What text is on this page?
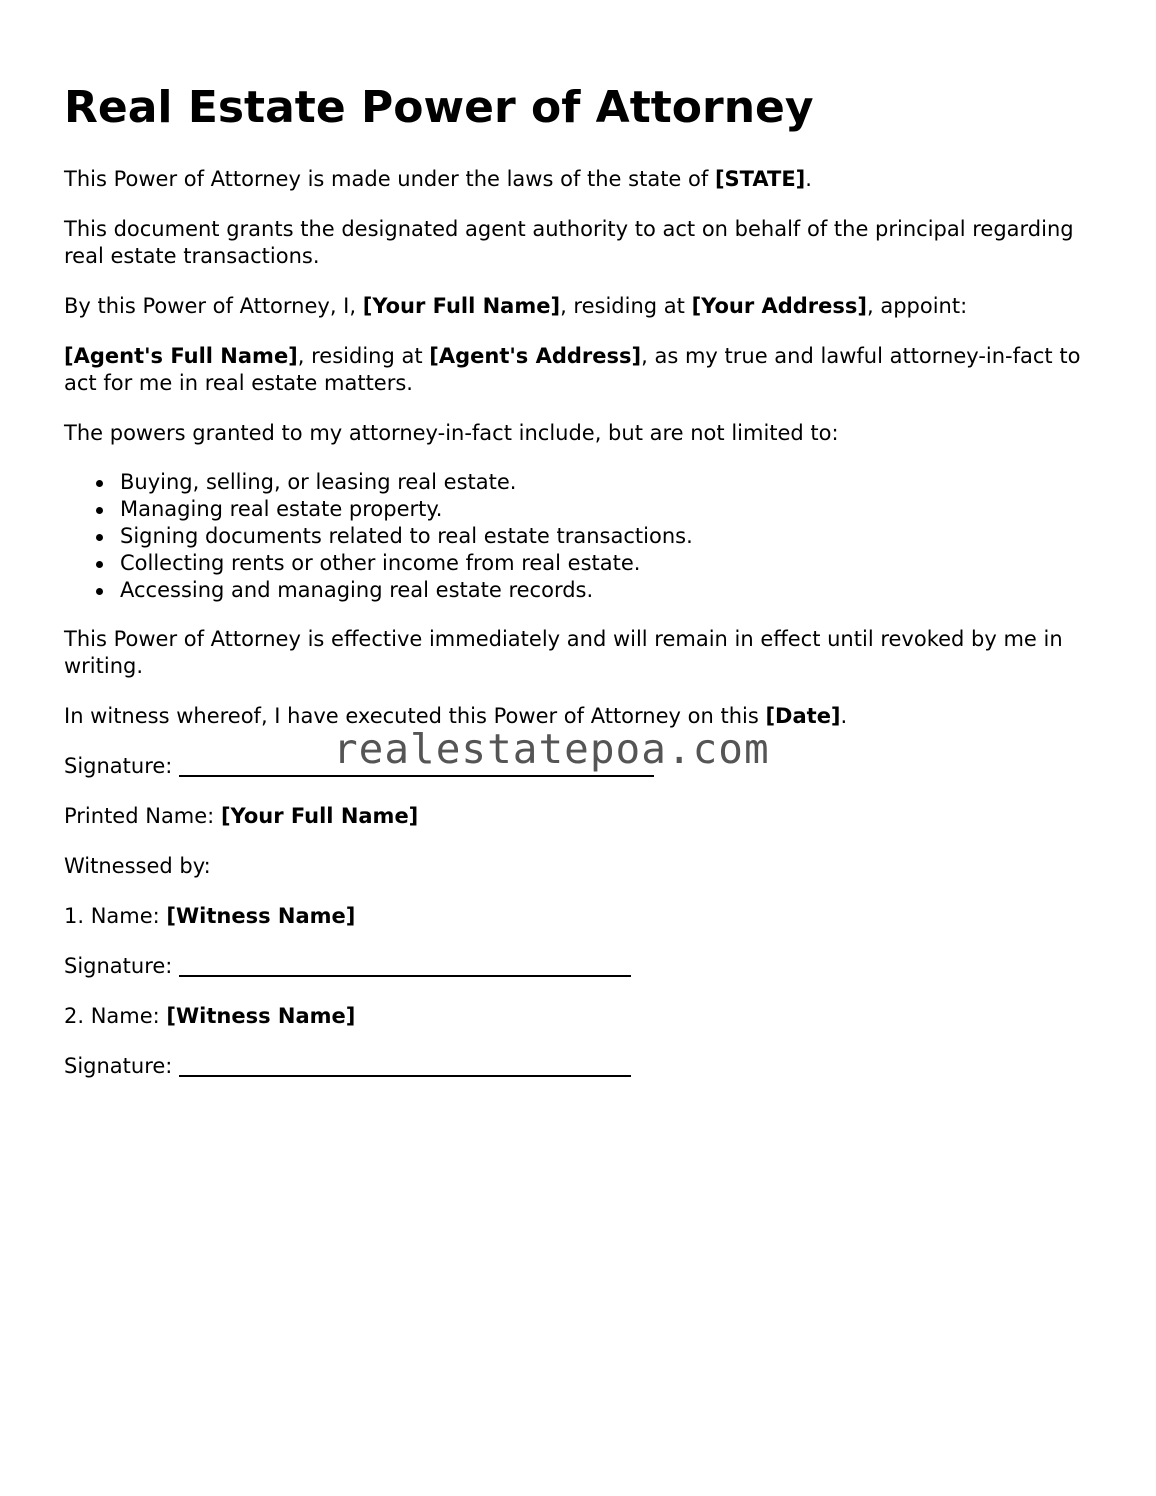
Real Estate Power of Attorney

This Power of Attorney is made under the laws of the state of [STATE].

This document grants the designated agent authority to act on behalf of the principal regarding real estate transactions.

By this Power of Attorney, I, [Your Full Name], residing at [Your Address], appoint:

[Agent's Full Name], residing at [Agent's Address], as my true and lawful attorney-in-fact to act for me in real estate matters.

The powers granted to my attorney-in-fact include, but are not limited to:

Buying, selling, or leasing real estate.
Managing real estate property.
Signing documents related to real estate transactions.
Collecting rents or other income from real estate.
Accessing and managing real estate records.

This Power of Attorney is effective immediately and will remain in effect until revoked by me in writing.

In witness whereof, I have executed this Power of Attorney on this [Date].

Signature:

Printed Name: [Your Full Name]

Witnessed by:

1. Name: [Witness Name]

Signature:

2. Name: [Witness Name]

Signature:

realestatepoa.com
